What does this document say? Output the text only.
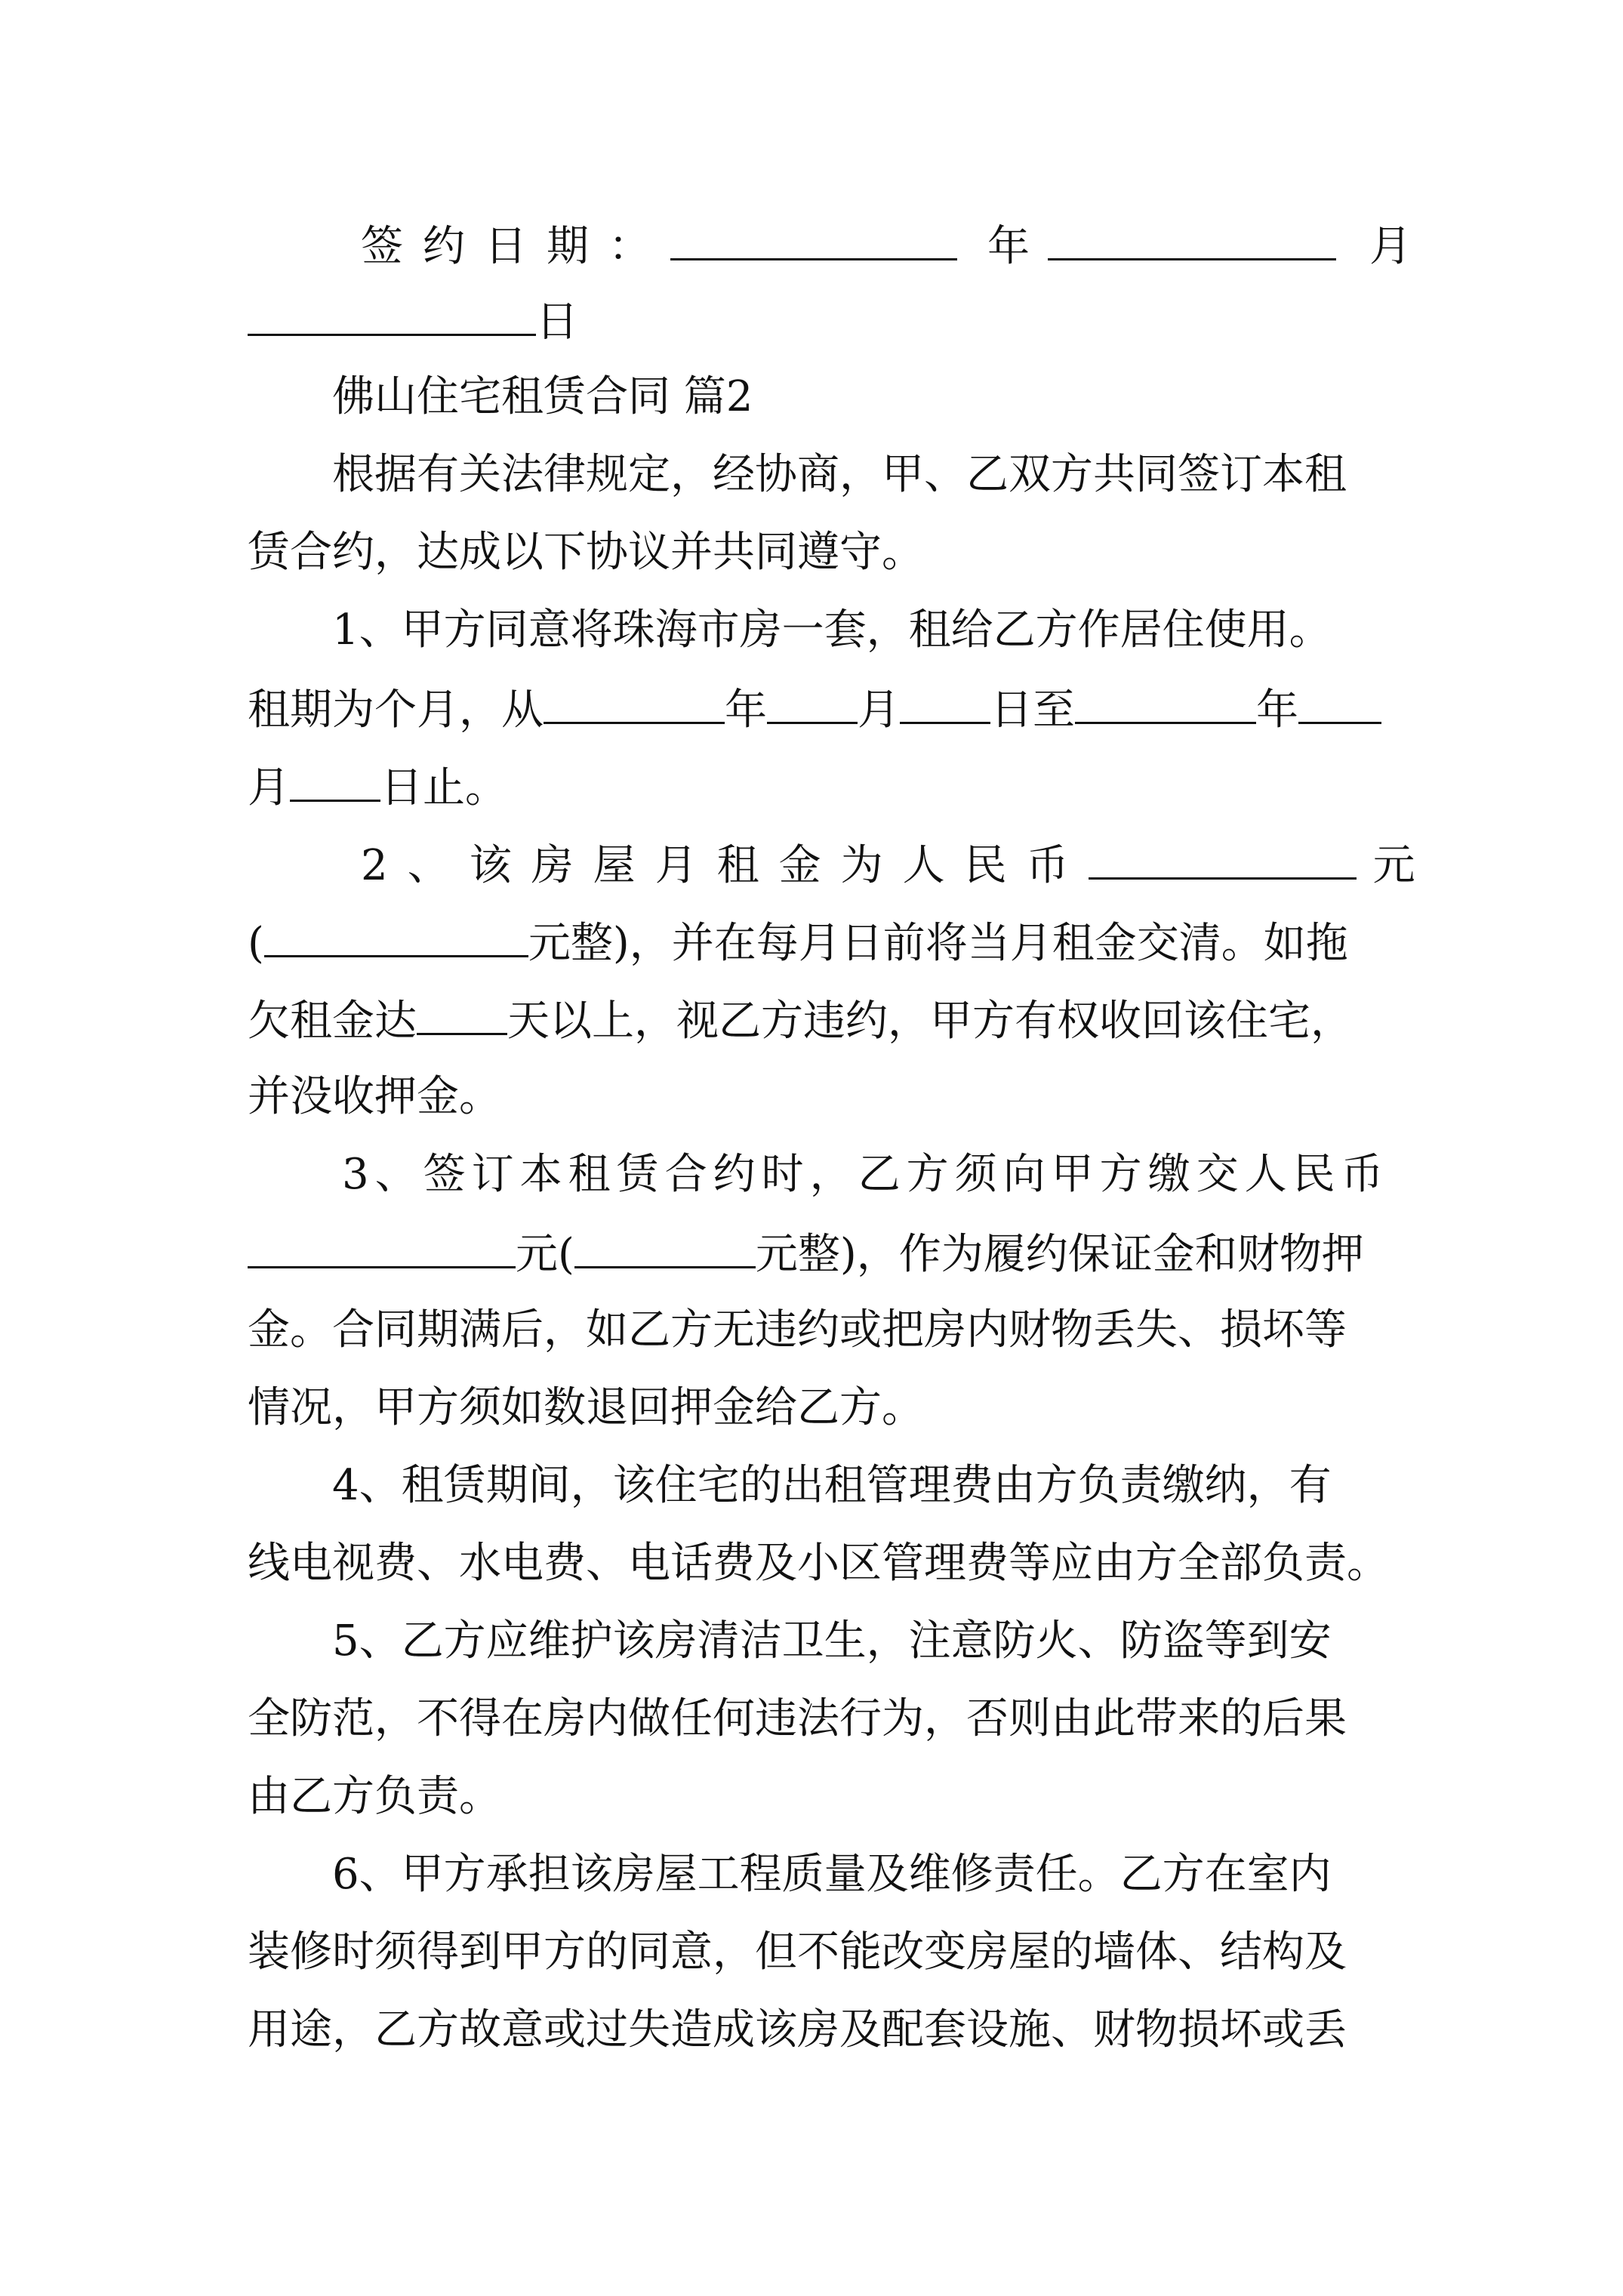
签约日期：	年	月
日
佛山住宅租赁合同 篇2
根据有关法律规定，经协商，甲、乙双方共同签订本租
赁合约，达成以下协议并共同遵守。
1、甲方同意将珠海市房一套，租给乙方作居住使用。
租期为个月，从	年 月 日至	年
月 日止。
2、该房屋月租金为人民币	元
(	元整)，并在每月日前将当月租金交清。如拖
欠租金达 天以上，视乙方违约，甲方有权收回该住宅，
并没收押金。
3、签订本租赁合约时，乙方须向甲方缴交人民币
元(	元整)，作为履约保证金和财物押
金。合同期满后，如乙方无违约或把房内财物丢失、损坏等
情况，甲方须如数退回押金给乙方。
4、租赁期间，该住宅的出租管理费由方负责缴纳，有
线电视费、水电费、电话费及小区管理费等应由方全部负责。
5、乙方应维护该房清洁卫生，注意防火、防盗等到安
全防范，不得在房内做任何违法行为，否则由此带来的后果
由乙方负责。
6、甲方承担该房屋工程质量及维修责任。乙方在室内
装修时须得到甲方的同意，但不能改变房屋的墙体、结构及
用途，乙方故意或过失造成该房及配套设施、财物损坏或丢
